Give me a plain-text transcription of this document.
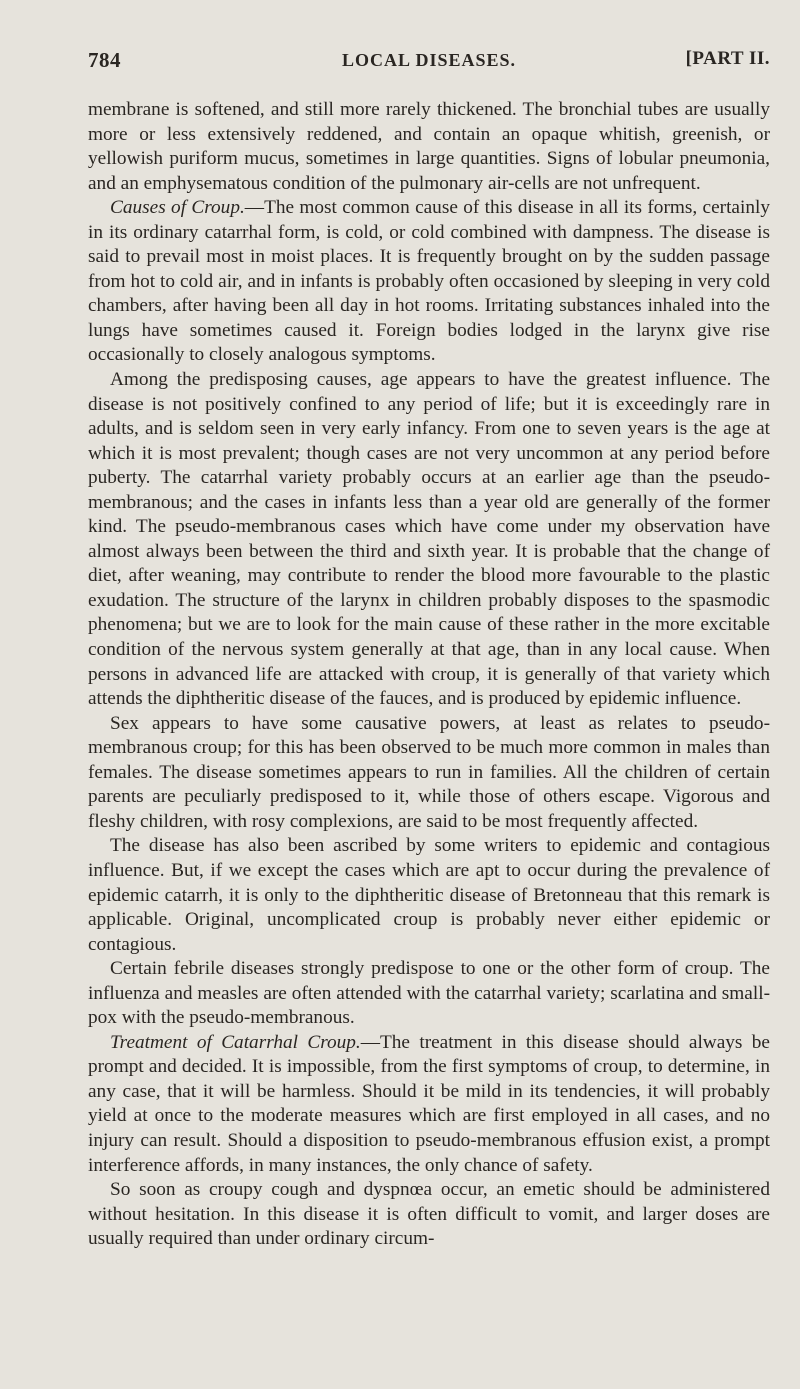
784	LOCAL DISEASES.	[PART II.

membrane is softened, and still more rarely thickened. The bronchial tubes are usually more or less extensively reddened, and contain an opaque whitish, greenish, or yellowish puriform mucus, sometimes in large quantities. Signs of lobular pneumonia, and an emphysematous condition of the pulmonary air-cells are not unfrequent.

Causes of Croup.—The most common cause of this disease in all its forms, certainly in its ordinary catarrhal form, is cold, or cold combined with dampness. The disease is said to prevail most in moist places. It is frequently brought on by the sudden passage from hot to cold air, and in infants is probably often occasioned by sleeping in very cold chambers, after having been all day in hot rooms. Irritating substances inhaled into the lungs have sometimes caused it. Foreign bodies lodged in the larynx give rise occasionally to closely analogous symptoms.

Among the predisposing causes, age appears to have the greatest influence. The disease is not positively confined to any period of life; but it is exceedingly rare in adults, and is seldom seen in very early infancy. From one to seven years is the age at which it is most prevalent; though cases are not very uncommon at any period before puberty. The catarrhal variety probably occurs at an earlier age than the pseudo-membranous; and the cases in infants less than a year old are generally of the former kind. The pseudo-membranous cases which have come under my observation have almost always been between the third and sixth year. It is probable that the change of diet, after weaning, may contribute to render the blood more favourable to the plastic exudation. The structure of the larynx in children probably disposes to the spasmodic phenomena; but we are to look for the main cause of these rather in the more excitable condition of the nervous system generally at that age, than in any local cause. When persons in advanced life are attacked with croup, it is generally of that variety which attends the diphtheritic disease of the fauces, and is produced by epidemic influence.

Sex appears to have some causative powers, at least as relates to pseudo-membranous croup; for this has been observed to be much more common in males than females. The disease sometimes appears to run in families. All the children of certain parents are peculiarly predisposed to it, while those of others escape. Vigorous and fleshy children, with rosy complexions, are said to be most frequently affected.

The disease has also been ascribed by some writers to epidemic and contagious influence. But, if we except the cases which are apt to occur during the prevalence of epidemic catarrh, it is only to the diphtheritic disease of Bretonneau that this remark is applicable. Original, uncomplicated croup is probably never either epidemic or contagious.

Certain febrile diseases strongly predispose to one or the other form of croup. The influenza and measles are often attended with the catarrhal variety; scarlatina and small-pox with the pseudo-membranous.

Treatment of Catarrhal Croup.—The treatment in this disease should always be prompt and decided. It is impossible, from the first symptoms of croup, to determine, in any case, that it will be harmless. Should it be mild in its tendencies, it will probably yield at once to the moderate measures which are first employed in all cases, and no injury can result. Should a disposition to pseudo-membranous effusion exist, a prompt interference affords, in many instances, the only chance of safety.

So soon as croupy cough and dyspnœa occur, an emetic should be administered without hesitation. In this disease it is often difficult to vomit, and larger doses are usually required than under ordinary circum-
